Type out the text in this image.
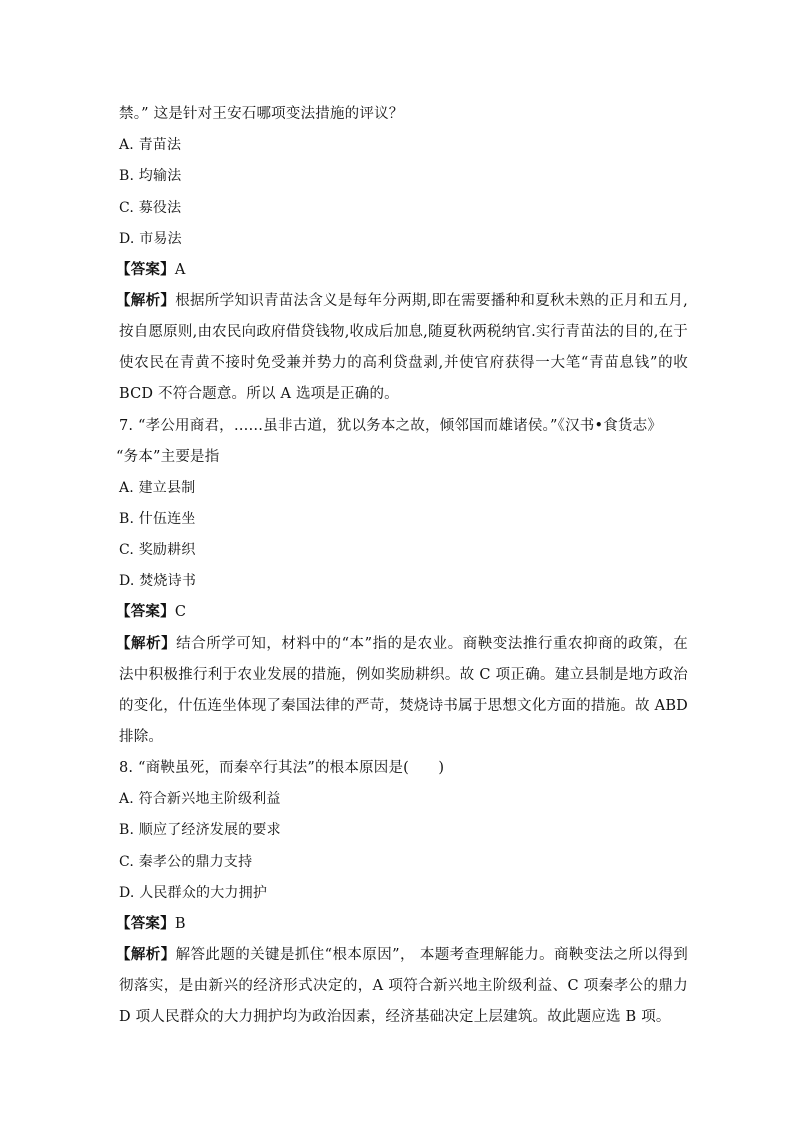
禁。” 这是针对王安石哪项变法措施的评议？
A. 青苗法
B. 均输法
C. 募役法
D. 市易法
【答案】A
【解析】根据所学知识青苗法含义是每年分两期,即在需要播种和夏秋未熟的正月和五月,
按自愿原则,由农民向政府借贷钱物,收成后加息,随夏秋两税纳官.实行青苗法的目的,在于
使农民在青黄不接时免受兼并势力的高利贷盘剥,并使官府获得一大笔“青苗息钱”的收
BCD 不符合题意。所以 A 选项是正确的。
7. “孝公用商君，……虽非古道，犹以务本之故，倾邻国而雄诸侯。”《汉书•食货志》
“务本”主要是指
A. 建立县制
B. 什伍连坐
C. 奖励耕织
D. 焚烧诗书
【答案】C
【解析】结合所学可知，材料中的“本”指的是农业。商鞅变法推行重农抑商的政策，在
法中积极推行利于农业发展的措施，例如奖励耕织。故 C 项正确。建立县制是地方政治
的变化，什伍连坐体现了秦国法律的严苛，焚烧诗书属于思想文化方面的措施。故 ABD
排除。
8. “商鞅虽死，而秦卒行其法”的根本原因是(　　)
A. 符合新兴地主阶级利益
B. 顺应了经济发展的要求
C. 秦孝公的鼎力支持
D. 人民群众的大力拥护
【答案】B
【解析】解答此题的关键是抓住“根本原因”， 本题考查理解能力。商鞅变法之所以得到
彻落实，是由新兴的经济形式决定的，A 项符合新兴地主阶级利益、C 项秦孝公的鼎力
D 项人民群众的大力拥护均为政治因素，经济基础决定上层建筑。故此题应选 B 项。
